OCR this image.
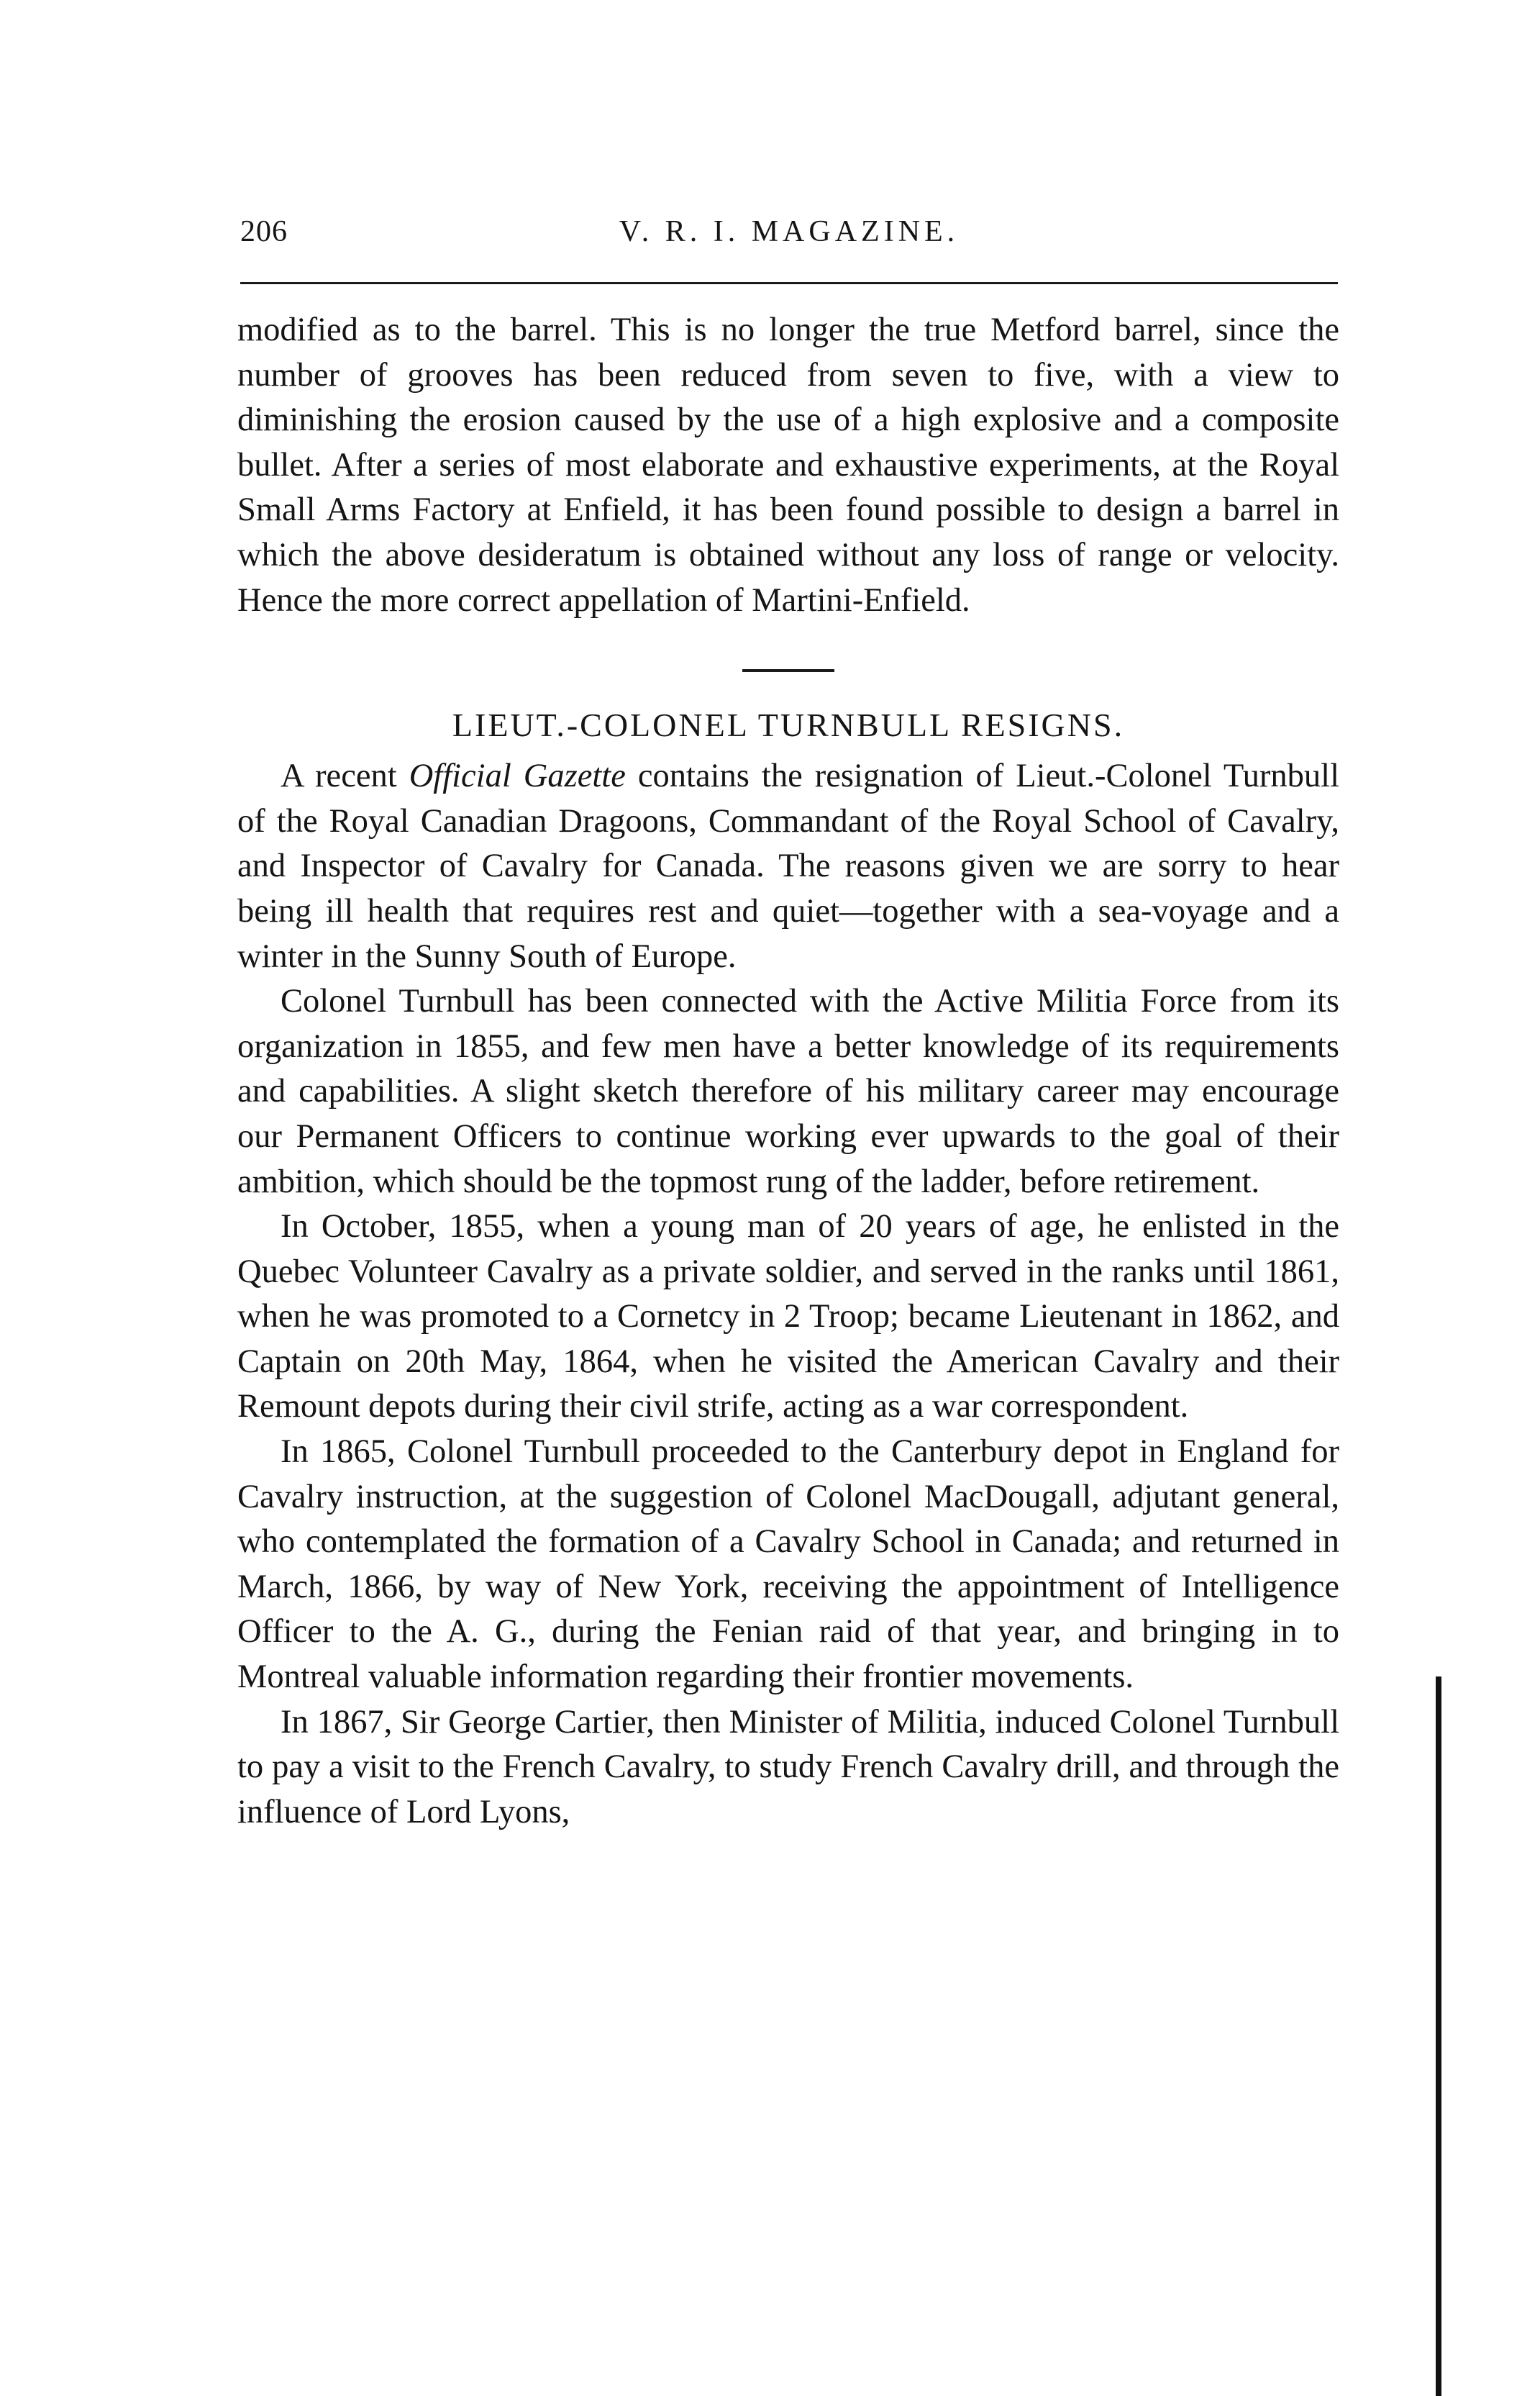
206	V. R. I. MAGAZINE.

modified as to the barrel. This is no longer the true Metford barrel, since the number of grooves has been reduced from seven to five, with a view to diminishing the erosion caused by the use of a high explosive and a composite bullet. After a series of most elaborate and exhaustive experiments, at the Royal Small Arms Factory at Enfield, it has been found possible to design a barrel in which the above desideratum is obtained without any loss of range or velocity. Hence the more correct appellation of Martini-Enfield.

LIEUT.-COLONEL TURNBULL RESIGNS.

A recent Official Gazette contains the resignation of Lieut.-Colonel Turnbull of the Royal Canadian Dragoons, Commandant of the Royal School of Cavalry, and Inspector of Cavalry for Canada. The reasons given we are sorry to hear being ill health that requires rest and quiet—together with a sea-voyage and a winter in the Sunny South of Europe.

Colonel Turnbull has been connected with the Active Militia Force from its organization in 1855, and few men have a better knowledge of its requirements and capabilities. A slight sketch therefore of his military career may encourage our Permanent Officers to continue working ever upwards to the goal of their ambition, which should be the topmost rung of the ladder, before retirement.

In October, 1855, when a young man of 20 years of age, he enlisted in the Quebec Volunteer Cavalry as a private soldier, and served in the ranks until 1861, when he was promoted to a Cornetcy in 2 Troop; became Lieutenant in 1862, and Captain on 20th May, 1864, when he visited the American Cavalry and their Remount depots during their civil strife, acting as a war correspondent.

In 1865, Colonel Turnbull proceeded to the Canterbury depot in England for Cavalry instruction, at the suggestion of Colonel MacDougall, adjutant general, who contemplated the formation of a Cavalry School in Canada; and returned in March, 1866, by way of New York, receiving the appointment of Intelligence Officer to the A. G., during the Fenian raid of that year, and bringing in to Montreal valuable information regarding their frontier movements.

In 1867, Sir George Cartier, then Minister of Militia, induced Colonel Turnbull to pay a visit to the French Cavalry, to study French Cavalry drill, and through the influence of Lord Lyons,
